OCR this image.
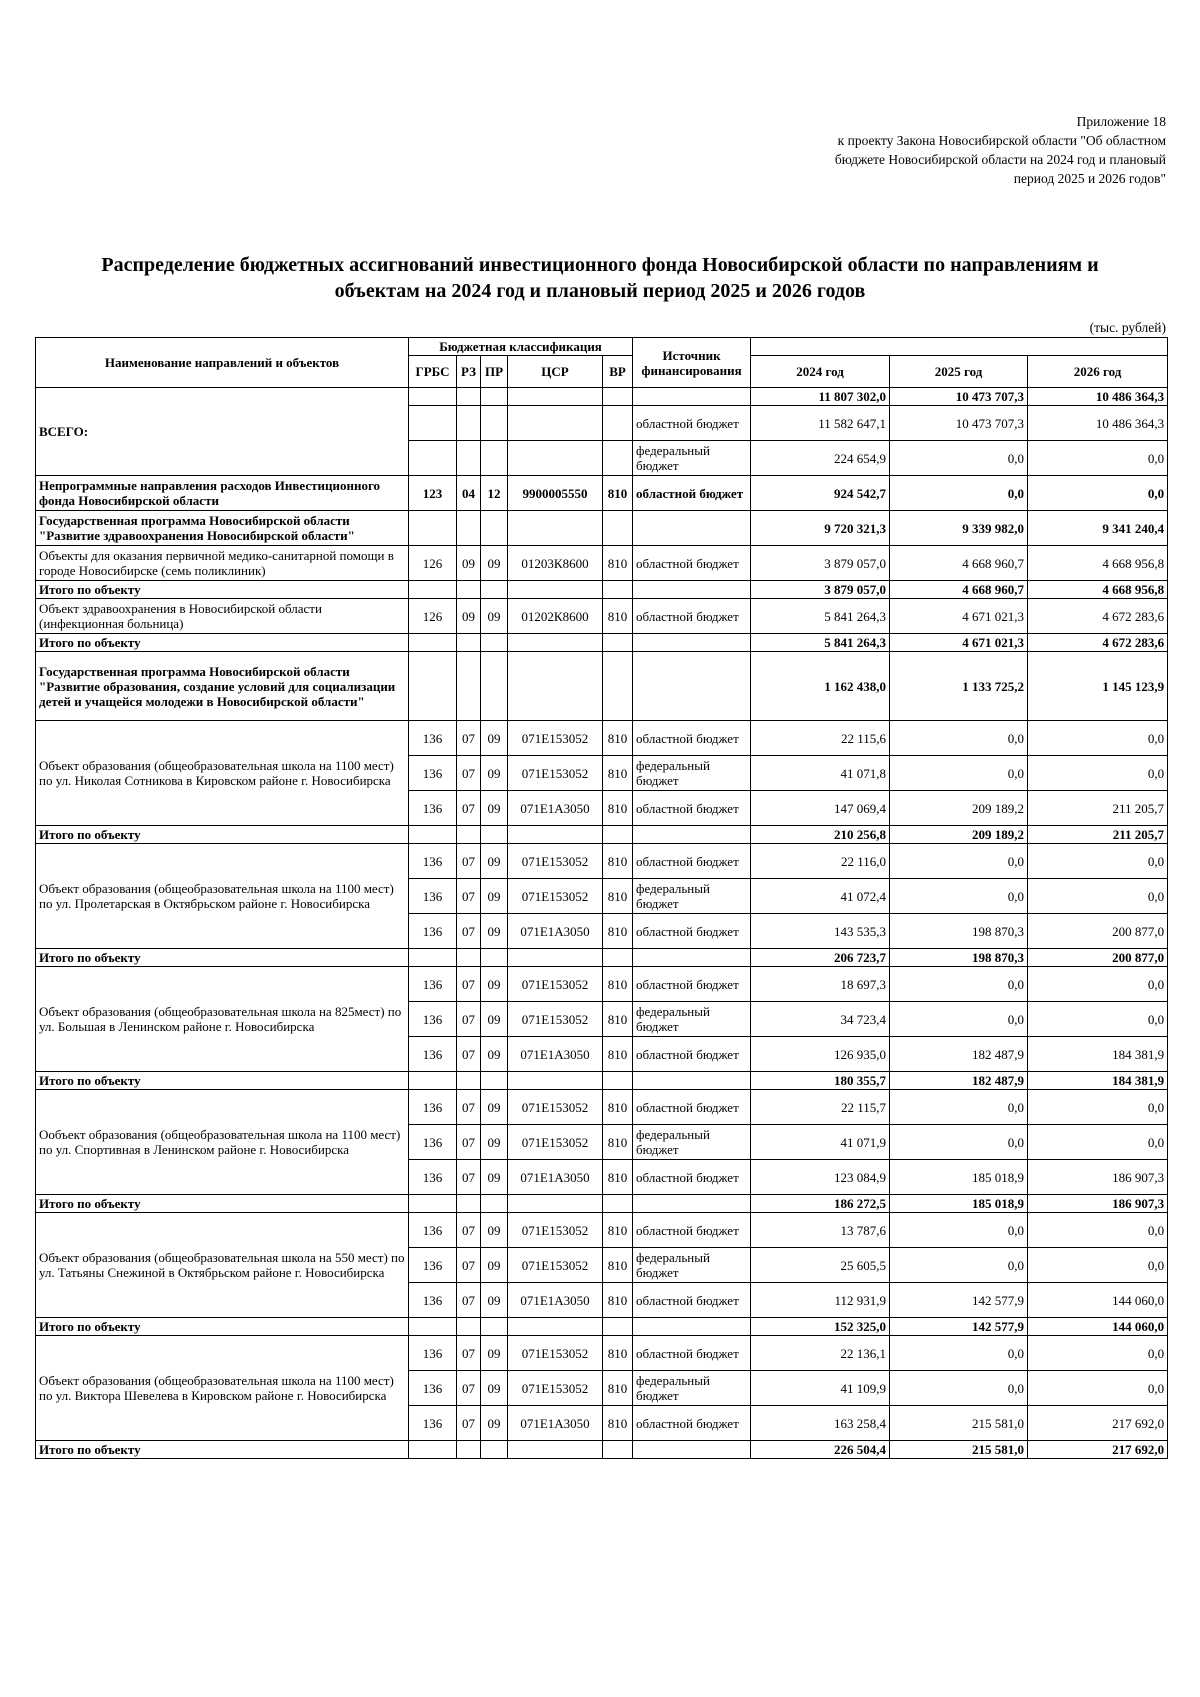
Приложение 18
к проекту Закона Новосибирской области "Об областном
бюджете Новосибирской области на 2024 год и плановый
период 2025 и 2026 годов"
Распределение бюджетных ассигнований инвестиционного фонда Новосибирской области по направлениям и
объектам на 2024 год и плановый период 2025 и 2026 годов
(тыс. рублей)
Наименование направлений и объектов	Бюджетная классификация					Источник финансирования			
	ГРБС	РЗ	ПР	ЦСР	ВР		2024 год	2025 год	2026 год
ВСЕГО:							11 807 302,0	10 473 707,3	10 486 364,3
						областной бюджет	11 582 647,1	10 473 707,3	10 486 364,3
						федеральный бюджет	224 654,9	0,0	0,0
Непрограммные направления расходов Инвестиционного фонда Новосибирской области	123	04	12	9900005550	810	областной бюджет	924 542,7	0,0	0,0
Государственная программа Новосибирской области "Развитие здравоохранения Новосибирской области"							9 720 321,3	9 339 982,0	9 341 240,4
Объекты для оказания первичной медико-санитарной помощи в городе Новосибирске (семь поликлиник)	126	09	09	01203К8600	810	областной бюджет	3 879 057,0	4 668 960,7	4 668 956,8
Итого по объекту							3 879 057,0	4 668 960,7	4 668 956,8
Объект здравоохранения в Новосибирской области (инфекционная больница)	126	09	09	01202К8600	810	областной бюджет	5 841 264,3	4 671 021,3	4 672 283,6
Итого по объекту							5 841 264,3	4 671 021,3	4 672 283,6
Государственная программа Новосибирской области "Развитие образования, создание условий для социализации детей и учащейся молодежи в Новосибирской области"							1 162 438,0	1 133 725,2	1 145 123,9
Объект образования (общеобразовательная школа на 1100 мест) по ул. Николая Сотникова в Кировском районе г. Новосибирска	136	07	09	071Е153052	810	областной бюджет	22 115,6	0,0	0,0
	136	07	09	071Е153052	810	федеральный бюджет	41 071,8	0,0	0,0
	136	07	09	071Е1А3050	810	областной бюджет	147 069,4	209 189,2	211 205,7
Итого по объекту							210 256,8	209 189,2	211 205,7
Объект образования (общеобразовательная школа на 1100 мест) по ул. Пролетарская в Октябрьском районе г. Новосибирска	136	07	09	071Е153052	810	областной бюджет	22 116,0	0,0	0,0
	136	07	09	071Е153052	810	федеральный бюджет	41 072,4	0,0	0,0
	136	07	09	071Е1А3050	810	областной бюджет	143 535,3	198 870,3	200 877,0
Итого по объекту							206 723,7	198 870,3	200 877,0
Объект образования (общеобразовательная школа на 825мест) по ул. Большая в Ленинском районе г. Новосибирска	136	07	09	071Е153052	810	областной бюджет	18 697,3	0,0	0,0
	136	07	09	071Е153052	810	федеральный бюджет	34 723,4	0,0	0,0
	136	07	09	071Е1А3050	810	областной бюджет	126 935,0	182 487,9	184 381,9
Итого по объекту							180 355,7	182 487,9	184 381,9
Ообъект образования (общеобразовательная школа на 1100 мест) по ул. Спортивная в Ленинском районе г. Новосибирска	136	07	09	071Е153052	810	областной бюджет	22 115,7	0,0	0,0
	136	07	09	071Е153052	810	федеральный бюджет	41 071,9	0,0	0,0
	136	07	09	071Е1А3050	810	областной бюджет	123 084,9	185 018,9	186 907,3
Итого по объекту							186 272,5	185 018,9	186 907,3
Объект образования (общеобразовательная школа на 550 мест) по ул. Татьяны Снежиной в Октябрьском районе г. Новосибирска	136	07	09	071Е153052	810	областной бюджет	13 787,6	0,0	0,0
	136	07	09	071Е153052	810	федеральный бюджет	25 605,5	0,0	0,0
	136	07	09	071Е1А3050	810	областной бюджет	112 931,9	142 577,9	144 060,0
Итого по объекту							152 325,0	142 577,9	144 060,0
Объект образования (общеобразовательная школа на 1100 мест) по ул. Виктора Шевелева в Кировском районе г. Новосибирска	136	07	09	071Е153052	810	областной бюджет	22 136,1	0,0	0,0
	136	07	09	071Е153052	810	федеральный бюджет	41 109,9	0,0	0,0
	136	07	09	071Е1А3050	810	областной бюджет	163 258,4	215 581,0	217 692,0
Итого по объекту							226 504,4	215 581,0	217 692,0
